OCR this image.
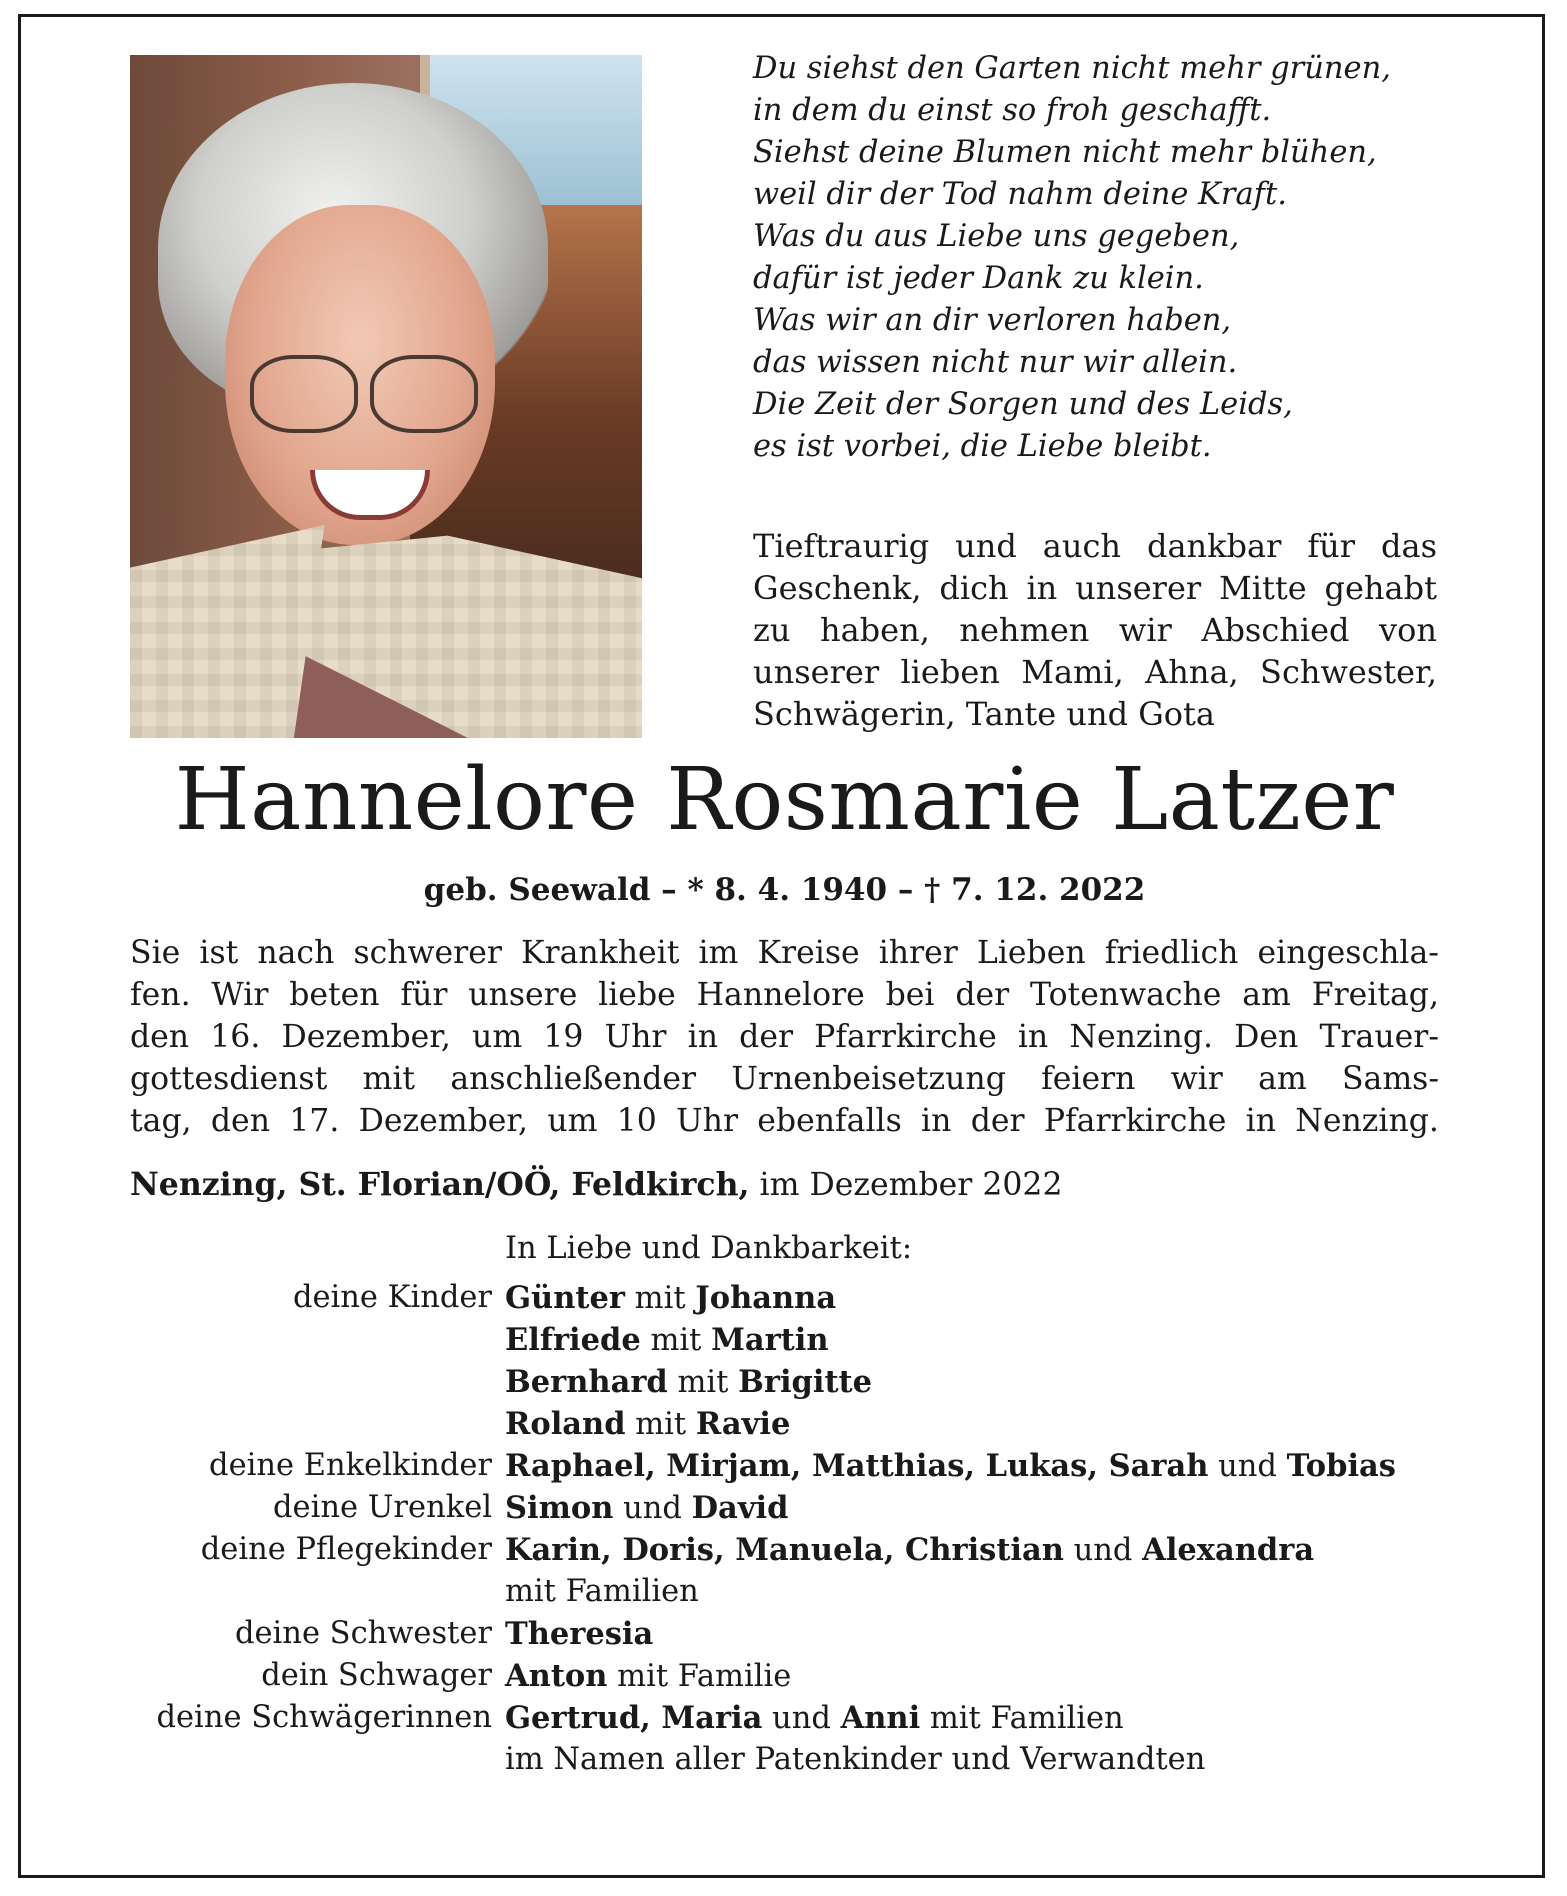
Du siehst den Garten nicht mehr grünen,
in dem du einst so froh geschafft.
Siehst deine Blumen nicht mehr blühen,
weil dir der Tod nahm deine Kraft.
Was du aus Liebe uns gegeben,
dafür ist jeder Dank zu klein.
Was wir an dir verloren haben,
das wissen nicht nur wir allein.
Die Zeit der Sorgen und des Leids,
es ist vorbei, die Liebe bleibt.
Tieftraurig und auch dankbar für das
Geschenk, dich in unserer Mitte gehabt
zu haben, nehmen wir Abschied von
unserer lieben Mami, Ahna, Schwester,
Schwägerin, Tante und Gota
Hannelore Rosmarie Latzer
geb. Seewald – * 8. 4. 1940 – † 7. 12. 2022
Sie ist nach schwerer Krankheit im Kreise ihrer Lieben friedlich eingeschla-
fen. Wir beten für unsere liebe Hannelore bei der Totenwache am Freitag,
den 16. Dezember, um 19 Uhr in der Pfarrkirche in Nenzing. Den Trauer-
gottesdienst mit anschließender Urnenbeisetzung feiern wir am Sams-
tag, den 17. Dezember, um 10 Uhr ebenfalls in der Pfarrkirche in Nenzing.
Nenzing, St. Florian/OÖ, Feldkirch, im Dezember 2022
In Liebe und Dankbarkeit:
deine Kinder Günter mit Johanna
Elfriede mit Martin
Bernhard mit Brigitte
Roland mit Ravie
deine Enkelkinder Raphael, Mirjam, Matthias, Lukas, Sarah und Tobias
deine Urenkel Simon und David
deine Pflegekinder Karin, Doris, Manuela, Christian und Alexandra
mit Familien
deine Schwester Theresia
dein Schwager Anton mit Familie
deine Schwägerinnen Gertrud, Maria und Anni mit Familien
im Namen aller Patenkinder und Verwandten
